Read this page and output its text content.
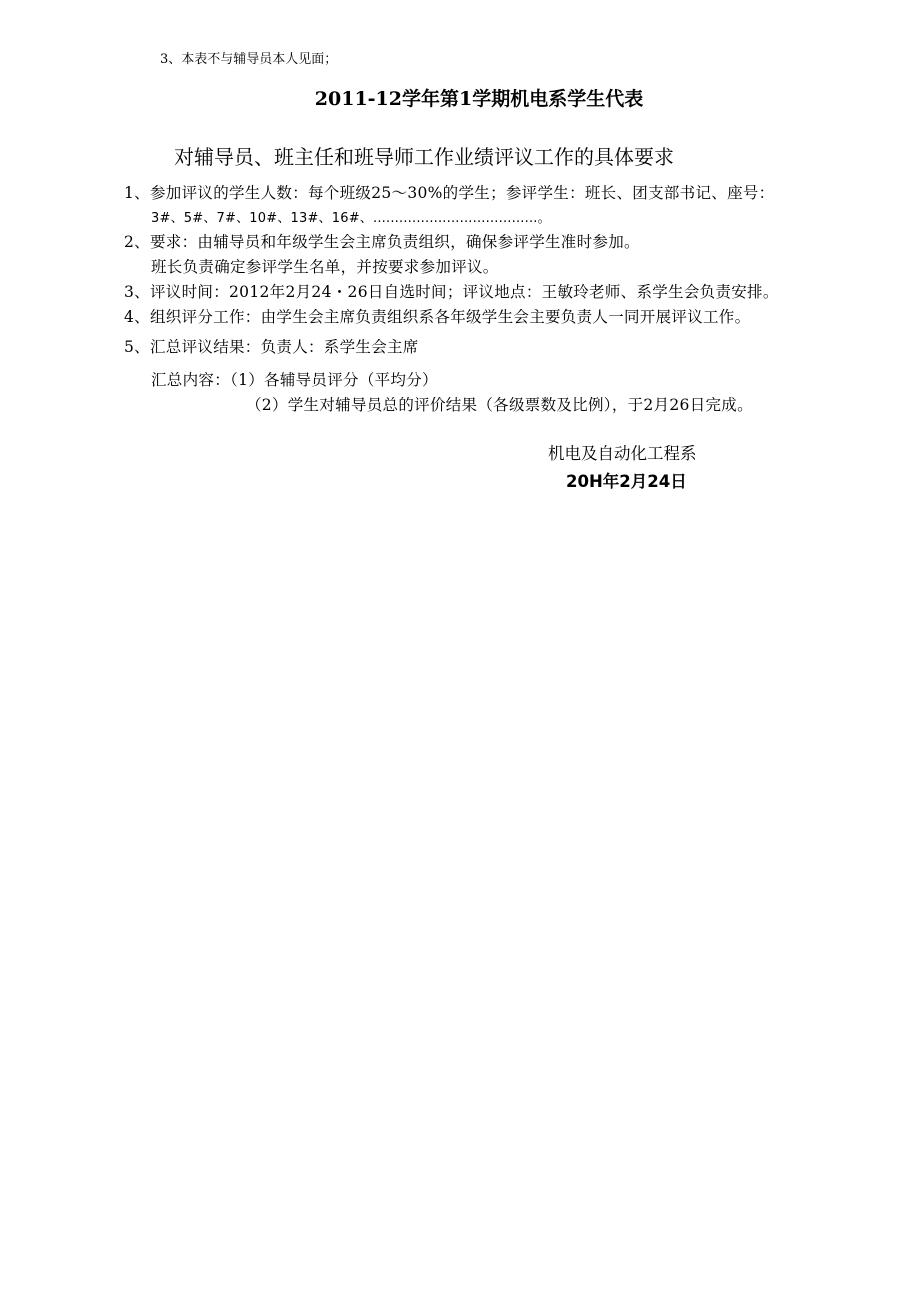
3、本表不与辅导员本人见面；
2011-12学年第1学期机电系学生代表
对辅导员、班主任和班导师工作业绩评议工作的具体要求
1、参加评议的学生人数：每个班级25～30%的学生；参评学生：班长、团支部书记、座号：
3#、5#、7#、10#、13#、16#、......................................。
2、要求：由辅导员和年级学生会主席负责组织，确保参评学生准时参加。
班长负责确定参评学生名单，并按要求参加评议。
3、评议时间：2012年2月24・26日自选时间；评议地点：王敏玲老师、系学生会负责安排。
4、组织评分工作：由学生会主席负责组织系各年级学生会主要负责人一同开展评议工作。
5、汇总评议结果：负责人：系学生会主席
汇总内容：（1）各辅导员评分（平均分）
（2）学生对辅导员总的评价结果（各级票数及比例），于2月26日完成。
机电及自动化工程系
20H年2月24日
